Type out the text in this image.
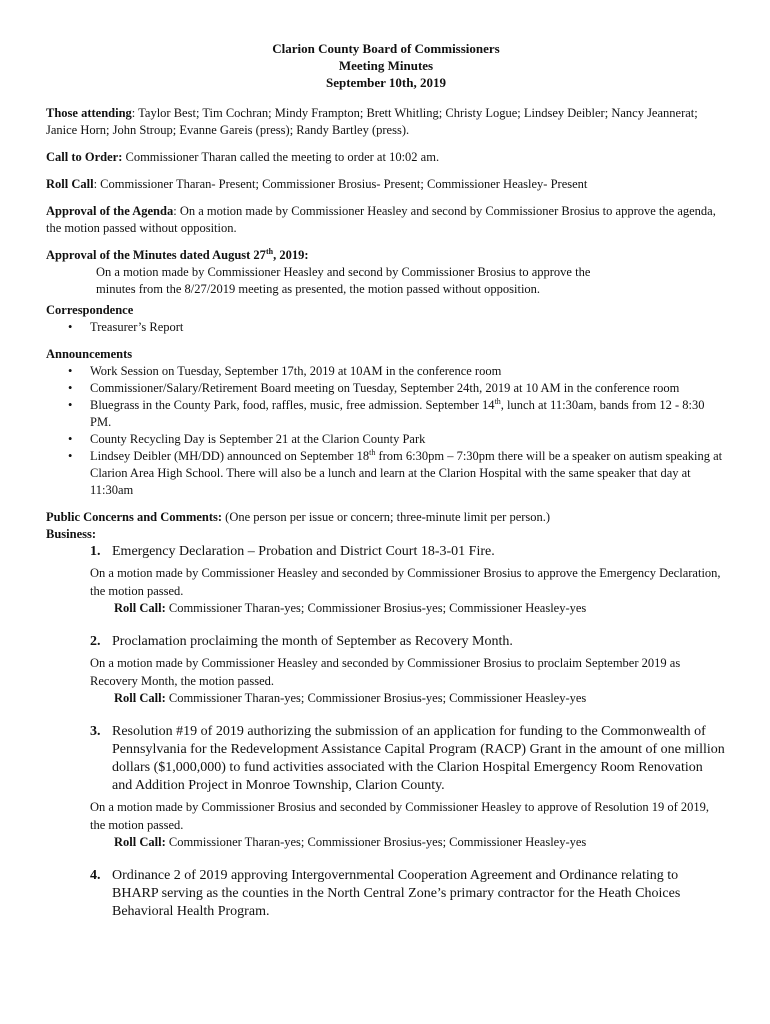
Clarion County Board of Commissioners
Meeting Minutes
September 10th, 2019

Those attending: Taylor Best; Tim Cochran; Mindy Frampton; Brett Whitling; Christy Logue; Lindsey Deibler; Nancy Jeannerat; Janice Horn; John Stroup; Evanne Gareis (press); Randy Bartley (press).

Call to Order: Commissioner Tharan called the meeting to order at 10:02 am.

Roll Call: Commissioner Tharan- Present; Commissioner Brosius- Present; Commissioner Heasley- Present

Approval of the Agenda: On a motion made by Commissioner Heasley and second by Commissioner Brosius to approve the agenda, the motion passed without opposition.

Approval of the Minutes dated August 27th, 2019:
On a motion made by Commissioner Heasley and second by Commissioner Brosius to approve the
minutes from the 8/27/2019 meeting as presented, the motion passed without opposition.
Correspondence
• Treasurer’s Report
Announcements
• Work Session on Tuesday, September 17th, 2019 at 10AM in the conference room
• Commissioner/Salary/Retirement Board meeting on Tuesday, September 24th, 2019 at 10 AM in the conference room
• Bluegrass in the County Park, food, raffles, music, free admission. September 14th, lunch at 11:30am, bands from 12 - 8:30 PM.
• County Recycling Day is September 21 at the Clarion County Park
• Lindsey Deibler (MH/DD) announced on September 18th from 6:30pm – 7:30pm there will be a speaker on autism speaking at Clarion Area High School. There will also be a lunch and learn at the Clarion Hospital with the same speaker that day at 11:30am
Public Concerns and Comments: (One person per issue or concern; three-minute limit per person.)
Business:
1. Emergency Declaration – Probation and District Court 18-3-01 Fire.
On a motion made by Commissioner Heasley and seconded by Commissioner Brosius to approve the Emergency Declaration, the motion passed.
Roll Call: Commissioner Tharan-yes; Commissioner Brosius-yes; Commissioner Heasley-yes
2. Proclamation proclaiming the month of September as Recovery Month.
On a motion made by Commissioner Heasley and seconded by Commissioner Brosius to proclaim September 2019 as Recovery Month, the motion passed.
Roll Call: Commissioner Tharan-yes; Commissioner Brosius-yes; Commissioner Heasley-yes
3. Resolution #19 of 2019 authorizing the submission of an application for funding to the Commonwealth of Pennsylvania for the Redevelopment Assistance Capital Program (RACP) Grant in the amount of one million dollars ($1,000,000) to fund activities associated with the Clarion Hospital Emergency Room Renovation and Addition Project in Monroe Township, Clarion County.
On a motion made by Commissioner Brosius and seconded by Commissioner Heasley to approve of Resolution 19 of 2019, the motion passed.
Roll Call: Commissioner Tharan-yes; Commissioner Brosius-yes; Commissioner Heasley-yes
4. Ordinance 2 of 2019 approving Intergovernmental Cooperation Agreement and Ordinance relating to BHARP serving as the counties in the North Central Zone’s primary contractor for the Heath Choices Behavioral Health Program.
